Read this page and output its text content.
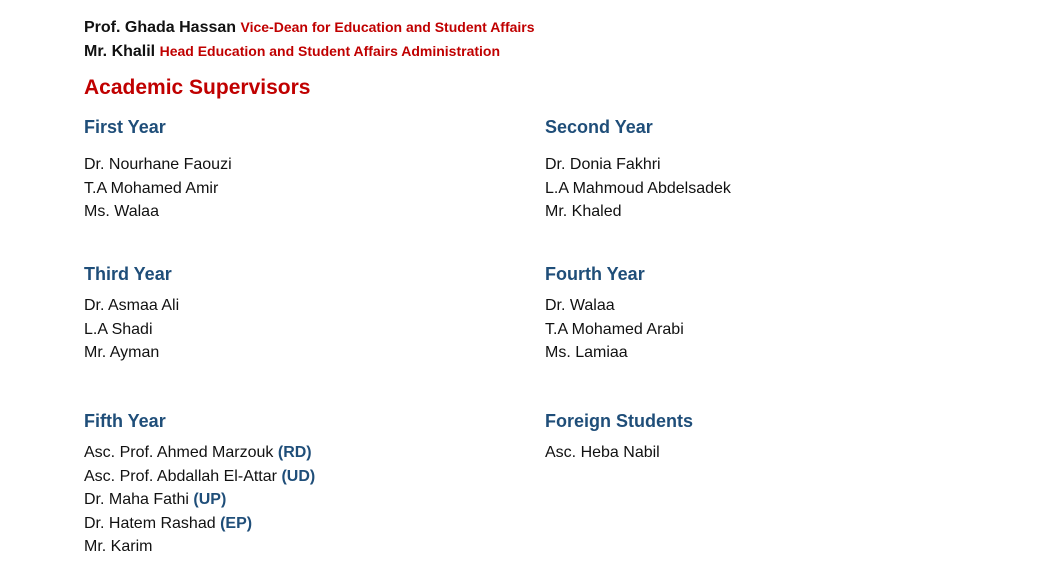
Prof. Ghada Hassan Vice-Dean for Education and Student Affairs
Mr. Khalil Head Education and Student Affairs Administration
Academic Supervisors
First Year
Dr. Nourhane Faouzi
T.A Mohamed Amir
Ms. Walaa
Second Year
Dr. Donia Fakhri
L.A Mahmoud Abdelsadek
Mr. Khaled
Third Year
Dr. Asmaa Ali
L.A Shadi
Mr. Ayman
Fourth Year
Dr. Walaa
T.A Mohamed Arabi
Ms. Lamiaa
Fifth Year
Asc. Prof. Ahmed Marzouk (RD)
Asc. Prof. Abdallah El-Attar (UD)
Dr. Maha Fathi (UP)
Dr. Hatem Rashad (EP)
Mr. Karim
Foreign Students
Asc. Heba Nabil
